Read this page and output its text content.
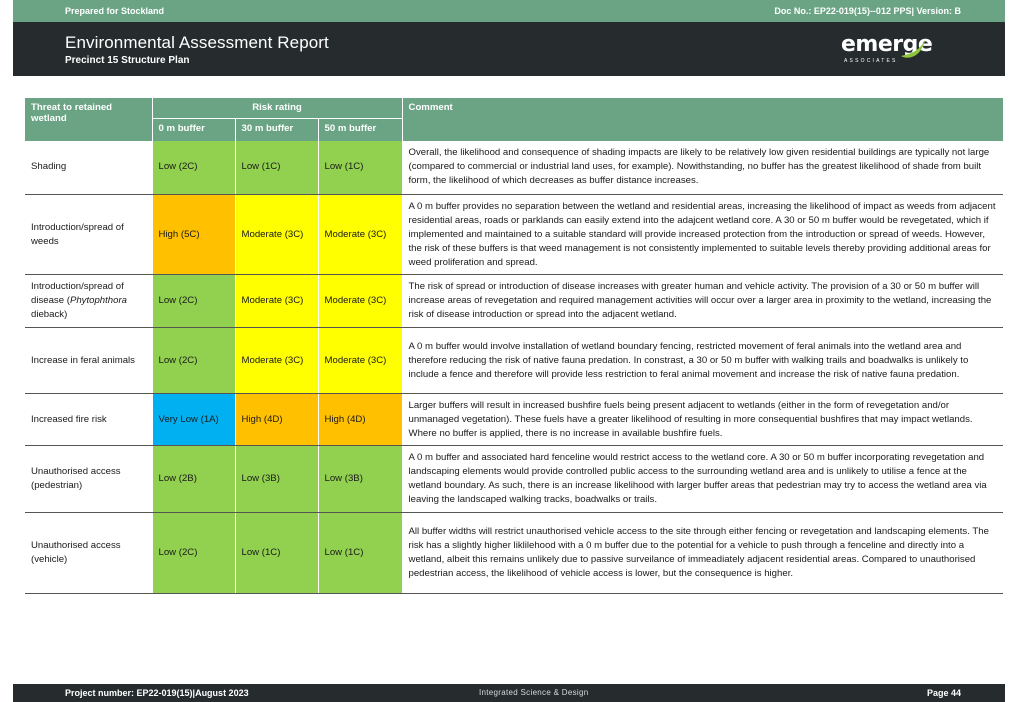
Prepared for Stockland	Doc No.: EP22-019(15)--012 PPS| Version: B
Environmental Assessment Report
Precinct 15 Structure Plan
emerge
ASSOCIATES
Threat to retained wetland	Risk rating			Comment
	0 m buffer	30 m buffer	50 m buffer	
Shading	Low (2C)	Low (1C)	Low (1C)	Overall, the likelihood and consequence of shading impacts are likely to be relatively low given residential buildings are typically not large (compared to commercial or industrial land uses, for example). Nowithstanding, no buffer has the greatest likelihood of shade from built form, the likelihood of which decreases as buffer distance increases.
Introduction/spread of weeds	High (5C)	Moderate (3C)	Moderate (3C)	A 0 m buffer provides no separation between the wetland and residential areas, increasing the likelihood of impact as weeds from adjacent residential areas, roads or parklands can easily extend into the adajcent wetland core. A 30 or 50 m buffer would be revegetated, which if implemented and maintained to a suitable standard will provide increased protection from the introduction or spread of weeds. However, the risk of these buffers is that weed management is not consistently implemented to suitable levels thereby providing additional areas for weed proliferation and spread.
Introduction/spread of disease (Phytophthora dieback)	Low (2C)	Moderate (3C)	Moderate (3C)	The risk of spread or introduction of disease increases with greater human and vehicle activity. The provision of a 30 or 50 m buffer will increase areas of revegetation and required management activities will occur over a larger area in proximity to the wetland, increasing the risk of disease introduction or spread into the adjacent wetland.
Increase in feral animals	Low (2C)	Moderate (3C)	Moderate (3C)	A 0 m buffer would involve installation of wetland boundary fencing, restricted movement of feral animals into the wetland area and therefore reducing the risk of native fauna predation. In constrast, a 30 or 50 m buffer with walking trails and boadwalks is unlikely to include a fence and therefore will provide less restriction to feral animal movement and increase the risk of native fauna predation.
Increased fire risk	Very Low (1A)	High (4D)	High (4D)	Larger buffers will result in increased bushfire fuels being present adjacent to wetlands (either in the form of revegetation and/or unmanaged vegetation). These fuels have a greater likelihood of resulting in more consequential bushfires that may impact wetlands. Where no buffer is applied, there is no increase in available bushfire fuels.
Unauthorised access (pedestrian)	Low (2B)	Low (3B)	Low (3B)	A 0 m buffer and associated hard fenceline would restrict access to the wetland core. A 30 or 50 m buffer incorporating revegetation and landscaping elements would provide controlled public access to the surrounding wetland area and is unlikely to utilise a fence at the wetland boundary. As such, there is an increase likelihood with larger buffer areas that pedestrian may try to access the wetland area via leaving the landscaped walking tracks, boadwalks or trails.
Unauthorised access (vehicle)	Low (2C)	Low (1C)	Low (1C)	All buffer widths will restrict unauthorised vehicle access to the site through either fencing or revegetation and landscaping elements. The risk has a slightly higher liklilehood with a 0 m buffer due to the potential for a vehicle to push through a fenceline and directly into a wetland, albeit this remains unlikely due to passive surveilance of immeadiately adjacent residential areas. Compared to unauthorised pedestrian access, the likelihood of vehicle access is lower, but the consequence is higher.
Project number: EP22-019(15)|August 2023	Integrated Science & Design	Page 44
